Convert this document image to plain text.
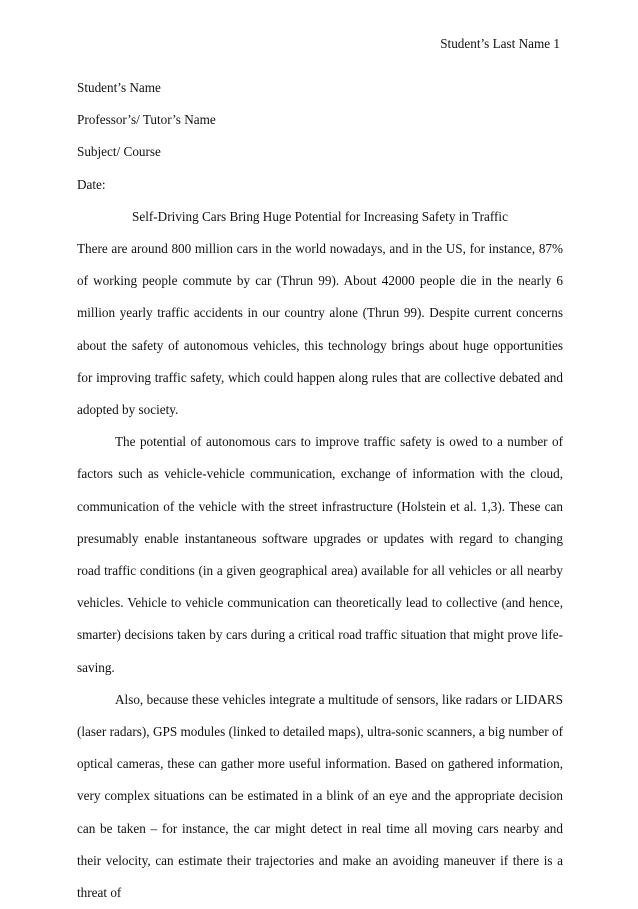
Student’s Last Name 1

Student’s Name

Professor’s/ Tutor’s Name

Subject/ Course

Date:

Self-Driving Cars Bring Huge Potential for Increasing Safety in Traffic

There are around 800 million cars in the world nowadays, and in the US, for instance, 87% of working people commute by car (Thrun 99). About 42000 people die in the nearly 6 million yearly traffic accidents in our country alone (Thrun 99). Despite current concerns about the safety of autonomous vehicles, this technology brings about huge opportunities for improving traffic safety, which could happen along rules that are collective debated and adopted by society.

The potential of autonomous cars to improve traffic safety is owed to a number of factors such as vehicle-vehicle communication, exchange of information with the cloud, communication of the vehicle with the street infrastructure (Holstein et al. 1,3). These can presumably enable instantaneous software upgrades or updates with regard to changing road traffic conditions (in a given geographical area) available for all vehicles or all nearby vehicles. Vehicle to vehicle communication can theoretically lead to collective (and hence, smarter) decisions taken by cars during a critical road traffic situation that might prove life-saving.

Also, because these vehicles integrate a multitude of sensors, like radars or LIDARS (laser radars), GPS modules (linked to detailed maps), ultra-sonic scanners, a big number of optical cameras, these can gather more useful information. Based on gathered information, very complex situations can be estimated in a blink of an eye and the appropriate decision can be taken – for instance, the car might detect in real time all moving cars nearby and their velocity, can estimate their trajectories and make an avoiding maneuver if there is a threat of
